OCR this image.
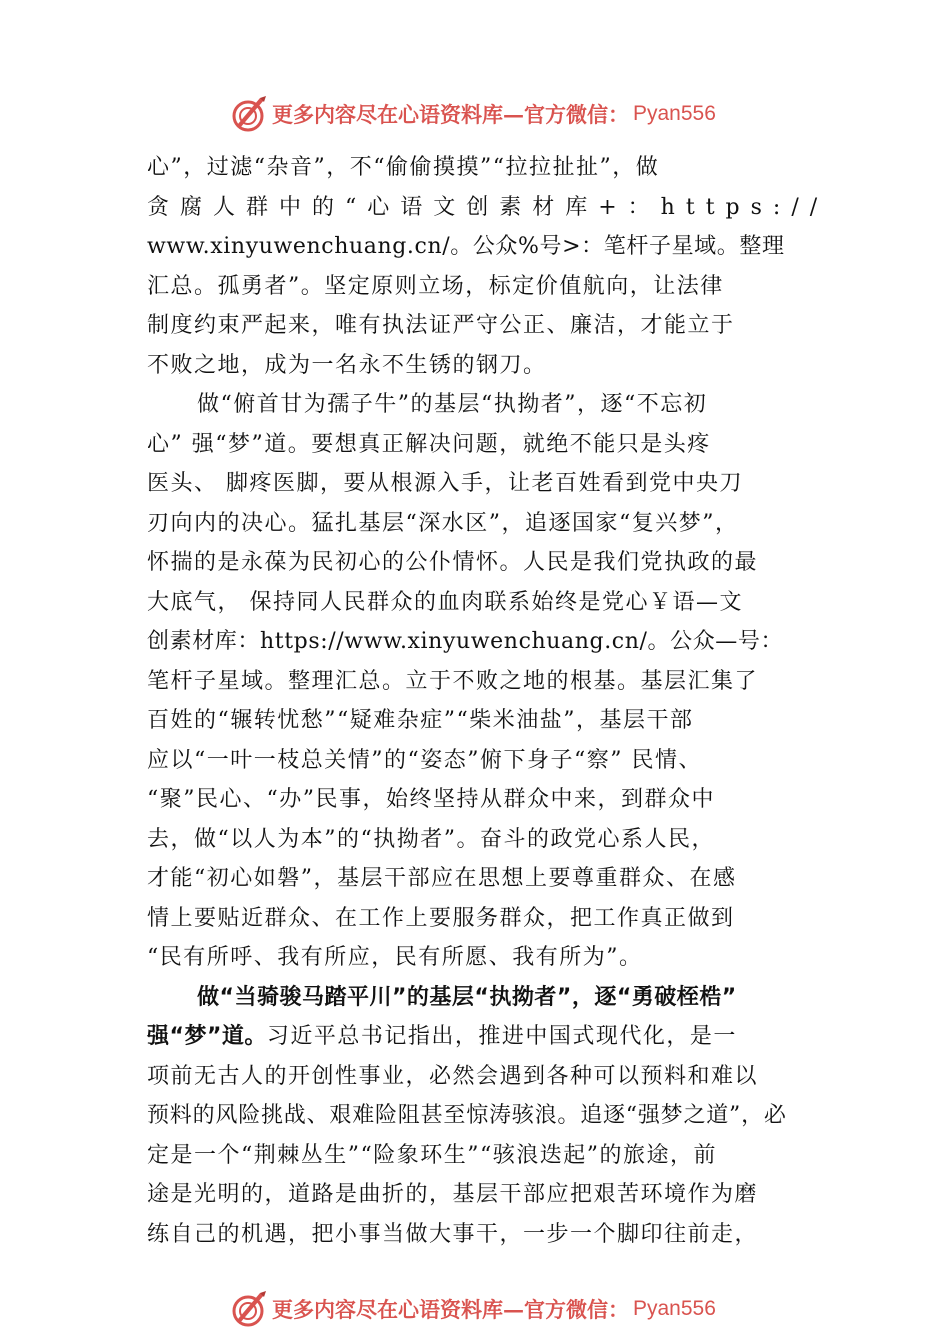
更多内容尽在心语资料库—官方微信： Pyan556
心”，过滤“杂音”，不“偷偷摸摸”“拉拉扯扯”，做
贪腐人群中的“心语文创素材库+：https://
www.xinyuwenchuang.cn/。公众%号>：笔杆子星域。整理
汇总。孤勇者”。坚定原则立场，标定价值航向，让法律
制度约束严起来，唯有执法证严守公正、廉洁，才能立于
不败之地，成为一名永不生锈的钢刀。
做“俯首甘为孺子牛”的基层“执拗者”，逐“不忘初
心” 强“梦”道。要想真正解决问题，就绝不能只是头疼
医头、 脚疼医脚，要从根源入手，让老百姓看到党中央刀
刃向内的决心。猛扎基层“深水区”，追逐国家“复兴梦”，
怀揣的是永葆为民初心的公仆情怀。人民是我们党执政的最
大底气， 保持同人民群众的血肉联系始终是党心￥语—文
创素材库：https://www.xinyuwenchuang.cn/。公众—号：
笔杆子星域。整理汇总。立于不败之地的根基。基层汇集了
百姓的“辗转忧愁”“疑难杂症”“柴米油盐”，基层干部
应以“一叶一枝总关情”的“姿态”俯下身子“察” 民情、
“聚”民心、“办”民事，始终坚持从群众中来，到群众中
去，做“以人为本”的“执拗者”。奋斗的政党心系人民，
才能“初心如磐”，基层干部应在思想上要尊重群众、在感
情上要贴近群众、在工作上要服务群众，把工作真正做到
“民有所呼、我有所应，民有所愿、我有所为”。
做“当骑骏马踏平川”的基层“执拗者”，逐“勇破桎梏”
强“梦”道。习近平总书记指出，推进中国式现代化，是一
项前无古人的开创性事业，必然会遇到各种可以预料和难以
预料的风险挑战、艰难险阻甚至惊涛骇浪。追逐“强梦之道”，必
定是一个“荆棘丛生”“险象环生”“骇浪迭起”的旅途，前
途是光明的，道路是曲折的，基层干部应把艰苦环境作为磨
练自己的机遇，把小事当做大事干，一步一个脚印往前走，
更多内容尽在心语资料库—官方微信： Pyan556
